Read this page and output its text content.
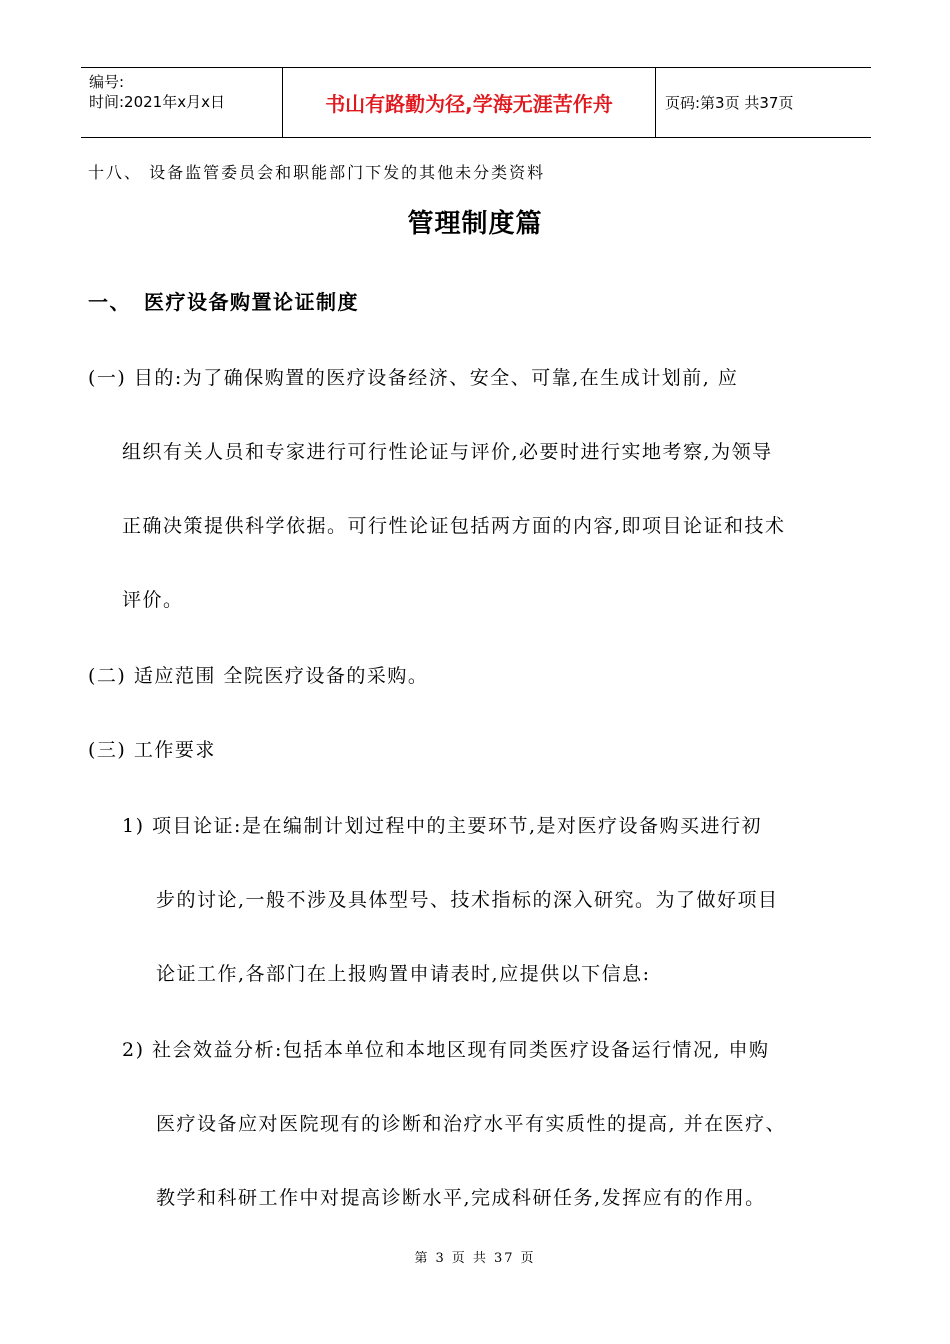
编号:
时间:2021年x月x日	书山有路勤为径,学海无涯苦作舟	页码:第3页 共37页
十八、 设备监管委员会和职能部门下发的其他未分类资料
管理制度篇
一、 医疗设备购置论证制度
(一) 目的:为了确保购置的医疗设备经济、安全、可靠,在生成计划前, 应
组织有关人员和专家进行可行性论证与评价,必要时进行实地考察,为领导
正确决策提供科学依据。可行性论证包括两方面的内容,即项目论证和技术
评价。
(二) 适应范围 全院医疗设备的采购。
(三) 工作要求
1) 项目论证:是在编制计划过程中的主要环节,是对医疗设备购买进行初
步的讨论,一般不涉及具体型号、技术指标的深入研究。为了做好项目
论证工作,各部门在上报购置申请表时,应提供以下信息:
2) 社会效益分析:包括本单位和本地区现有同类医疗设备运行情况, 申购
医疗设备应对医院现有的诊断和治疗水平有实质性的提高, 并在医疗、
教学和科研工作中对提高诊断水平,完成科研任务,发挥应有的作用。
第 3 页 共 37 页
